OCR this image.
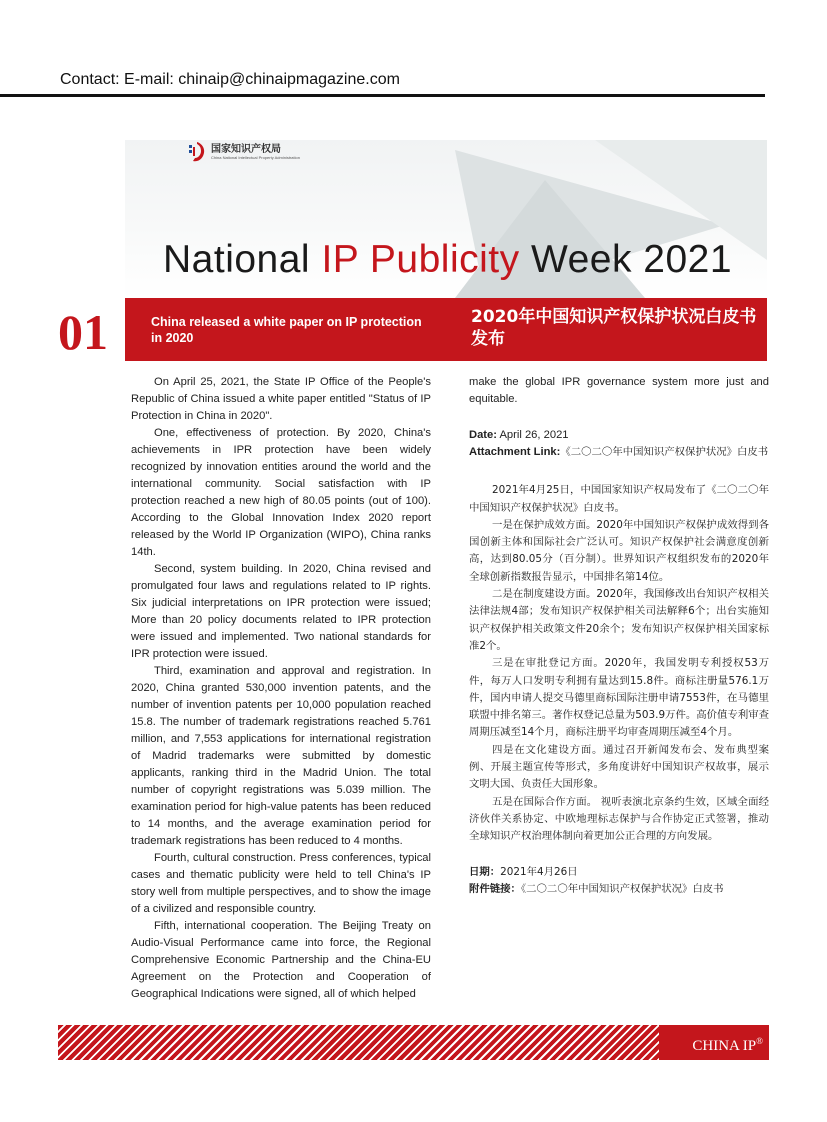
Contact: E-mail: chinaip@chinaipmagazine.com
国家知识产权局
China National Intellectual Property Administration
National IP Publicity Week 2021
01	China released a white paper on IP protection in 2020
2020年中国知识产权保护状况白皮书发布

On April 25, 2021, the State IP Office of the People's Republic of China issued a white paper entitled "Status of IP Protection in China in 2020".

One, effectiveness of protection. By 2020, China's achievements in IPR protection have been widely recognized by innovation entities around the world and the international community. Social satisfaction with IP protection reached a new high of 80.05 points (out of 100). According to the Global Innovation Index 2020 report released by the World IP Organization (WIPO), China ranks 14th.

Second, system building. In 2020, China revised and promulgated four laws and regulations related to IP rights. Six judicial interpretations on IPR protection were issued; More than 20 policy documents related to IPR protection were issued and implemented. Two national standards for IPR protection were issued.

Third, examination and approval and registration. In 2020, China granted 530,000 invention patents, and the number of invention patents per 10,000 population reached 15.8. The number of trademark registrations reached 5.761 million, and 7,553 applications for international registration of Madrid trademarks were submitted by domestic applicants, ranking third in the Madrid Union. The total number of copyright registrations was 5.039 million. The examination period for high-value patents has been reduced to 14 months, and the average examination period for trademark registrations has been reduced to 4 months.

Fourth, cultural construction. Press conferences, typical cases and thematic publicity were held to tell China's IP story well from multiple perspectives, and to show the image of a civilized and responsible country.

Fifth, international cooperation. The Beijing Treaty on Audio-Visual Performance came into force, the Regional Comprehensive Economic Partnership and the China-EU Agreement on the Protection and Cooperation of Geographical Indications were signed, all of which helped

make the global IPR governance system more just and equitable.

Date: April 26, 2021

Attachment Link:《二〇二〇年中国知识产权保护状况》白皮书

2021年4月25日，中国国家知识产权局发布了《二〇二〇年中国知识产权保护状况》白皮书。

一是在保护成效方面。2020年中国知识产权保护成效得到各国创新主体和国际社会广泛认可。知识产权保护社会满意度创新高，达到80.05分（百分制）。世界知识产权组织发布的2020年全球创新指数报告显示，中国排名第14位。

二是在制度建设方面。2020年，我国修改出台知识产权相关法律法规4部；发布知识产权保护相关司法解释6个；出台实施知识产权保护相关政策文件20余个；发布知识产权保护相关国家标准2个。

三是在审批登记方面。2020年，我国发明专利授权53万件，每万人口发明专利拥有量达到15.8件。商标注册量576.1万件，国内申请人提交马德里商标国际注册申请7553件，在马德里联盟中排名第三。著作权登记总量为503.9万件。高价值专利审查周期压减至14个月，商标注册平均审查周期压减至4个月。

四是在文化建设方面。通过召开新闻发布会、发布典型案例、开展主题宣传等形式，多角度讲好中国知识产权故事，展示文明大国、负责任大国形象。

五是在国际合作方面。 视听表演北京条约生效，区域全面经济伙伴关系协定、中欧地理标志保护与合作协定正式签署，推动全球知识产权治理体制向着更加公正合理的方向发展。

日期：2021年4月26日

附件链接：《二〇二〇年中国知识产权保护状况》白皮书

CHINA IP®
